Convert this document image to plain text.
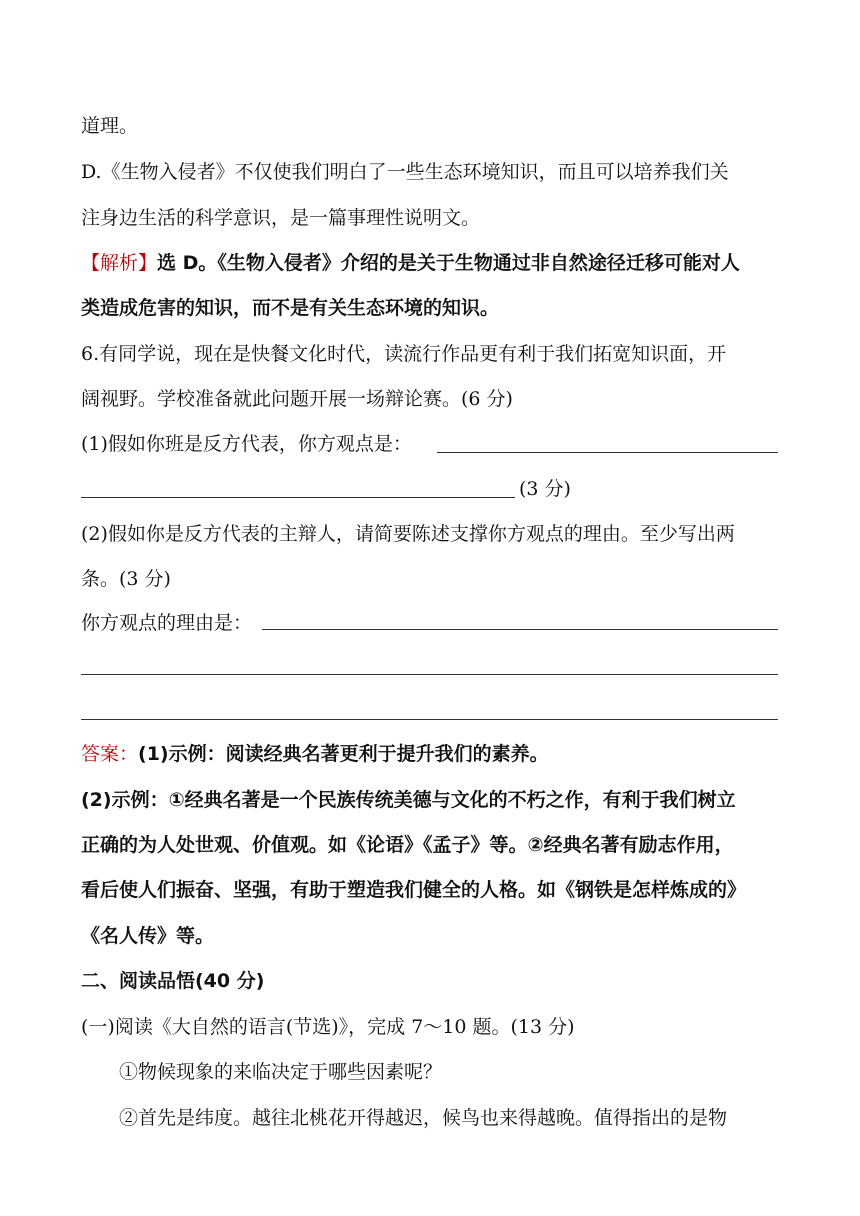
道理。
D.《生物入侵者》不仅使我们明白了一些生态环境知识，而且可以培养我们关
注身边生活的科学意识，是一篇事理性说明文。
【解析】选 D。《生物入侵者》介绍的是关于生物通过非自然途径迁移可能对人
类造成危害的知识，而不是有关生态环境的知识。
6.有同学说，现在是快餐文化时代，读流行作品更有利于我们拓宽知识面，开
阔视野。学校准备就此问题开展一场辩论赛。(6 分)
(1)假如你班是反方代表，你方观点是：
(3 分)
(2)假如你是反方代表的主辩人，请简要陈述支撑你方观点的理由。至少写出两
条。(3 分)
你方观点的理由是：
答案：(1)示例：阅读经典名著更利于提升我们的素养。
(2)示例：①经典名著是一个民族传统美德与文化的不朽之作，有利于我们树立
正确的为人处世观、价值观。如《论语》《孟子》等。②经典名著有励志作用，
看后使人们振奋、坚强，有助于塑造我们健全的人格。如《钢铁是怎样炼成的》
《名人传》等。
二、阅读品悟(40 分)
(一)阅读《大自然的语言(节选)》，完成 7～10 题。(13 分)
①物候现象的来临决定于哪些因素呢？
②首先是纬度。越往北桃花开得越迟，候鸟也来得越晚。值得指出的是物
